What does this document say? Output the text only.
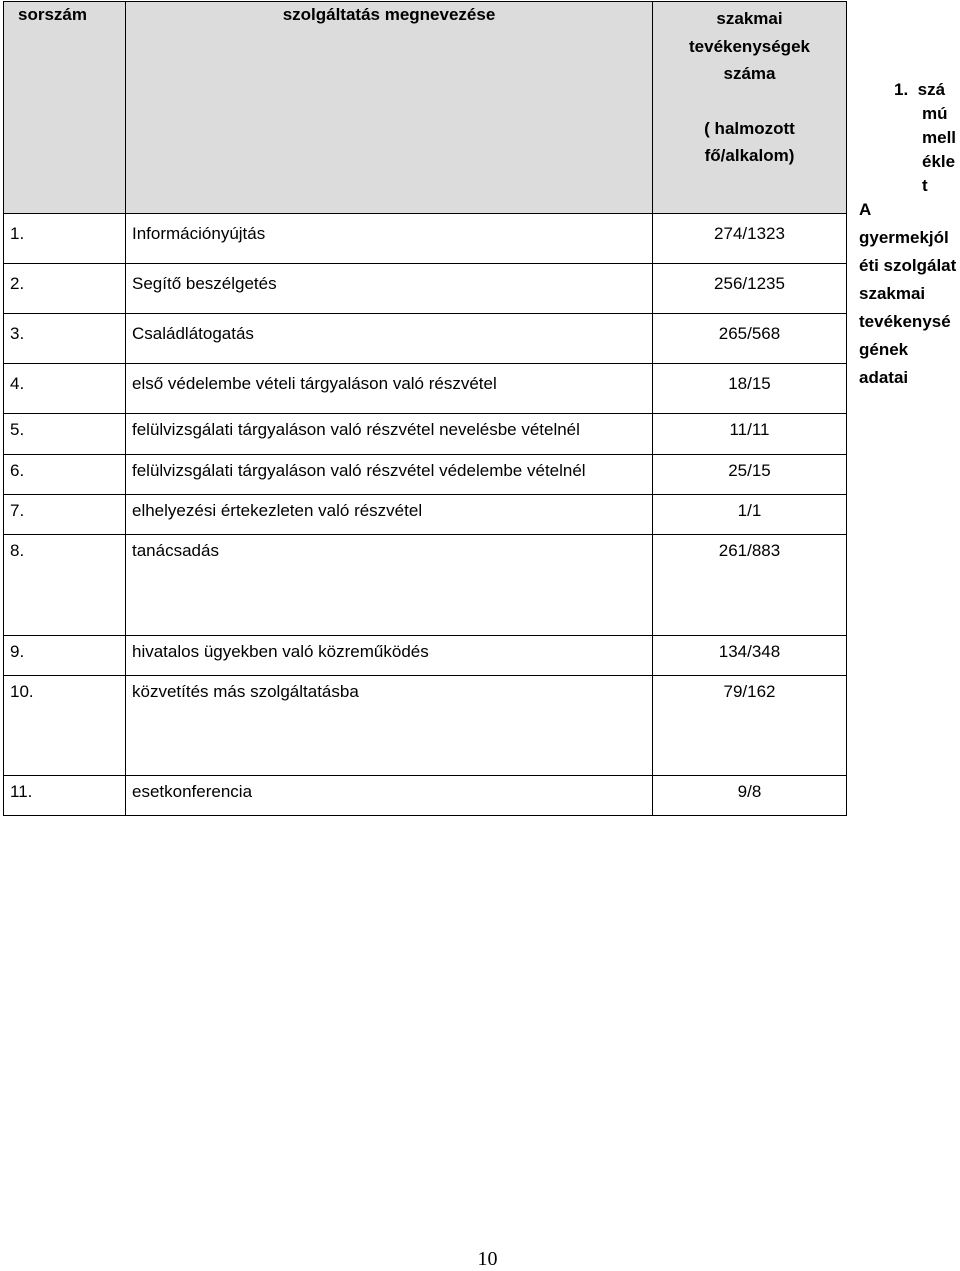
sorszám	szolgáltatás megnevezése	szakmai
tevékenységek
száma
( halmozott
fő/alkalom)

1.	Információnyújtás	274/1323

2.	Segítő beszélgetés	256/1235

3.	Családlátogatás	265/568

4.	első védelembe vételi tárgyaláson való részvétel	18/15

5.	felülvizsgálati tárgyaláson való részvétel nevelésbe vételnél	11/11

6.	felülvizsgálati tárgyaláson való részvétel védelembe vételnél	25/15

7.	elhelyezési értekezleten való részvétel	1/1

8.	tanácsadás	261/883

9.	hivatalos ügyekben való közreműködés	134/348

10.	közvetítés más szolgáltatásba	79/162

11.	esetkonferencia	9/8
1.  szá
mú
mell
ékle
t
A
gyermekjól
éti szolgálat
szakmai
tevékenysé
gének
adatai
10
